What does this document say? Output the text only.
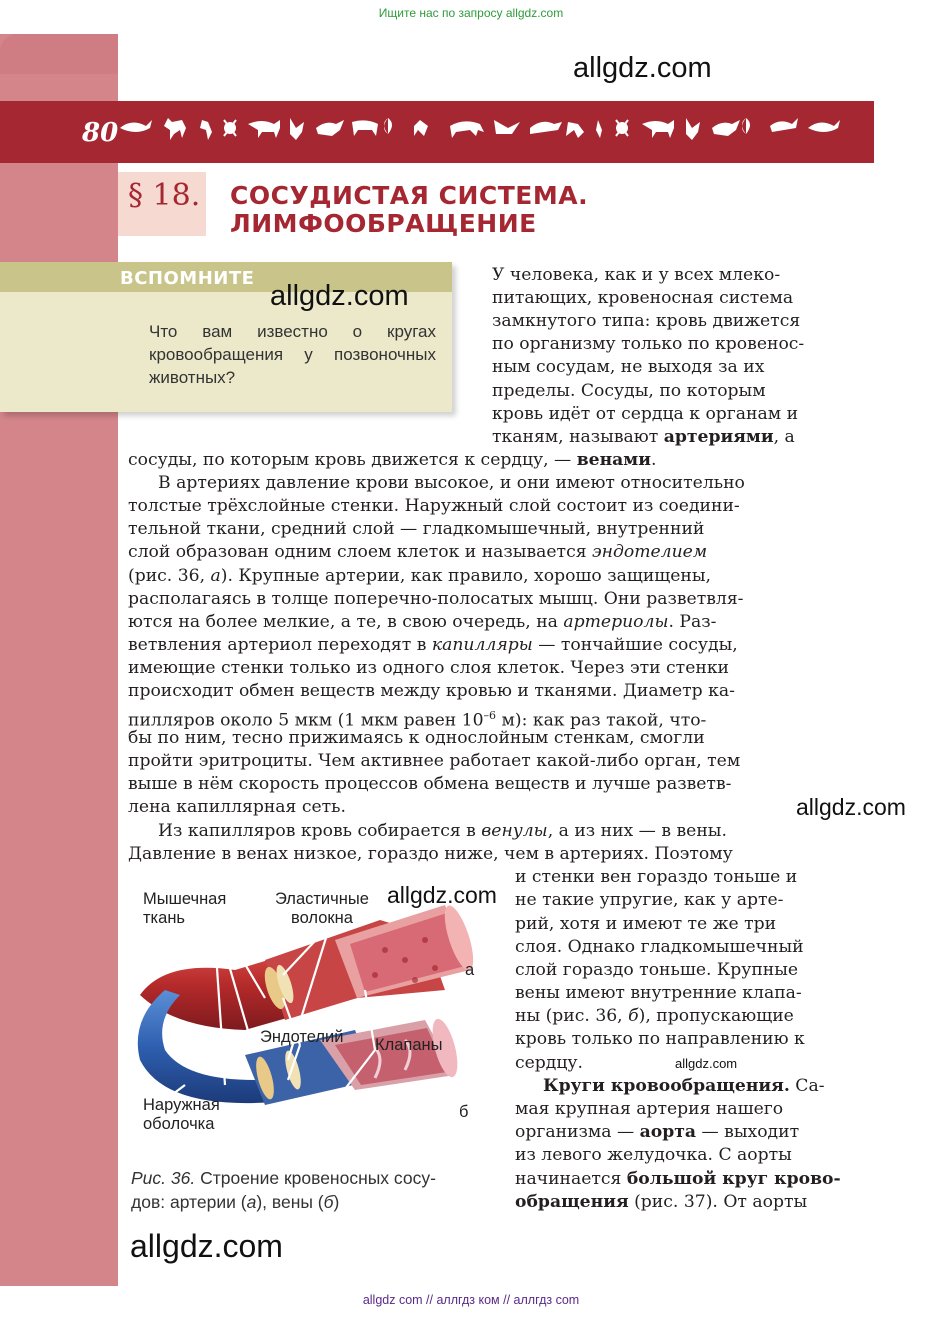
Ищите нас по запросу allgdz.com
80
§ 18. СОСУДИСТАЯ СИСТЕМА.
ЛИМФООБРАЩЕНИЕ
allgdz.com
ВСПОМНИТЕ
allgdz.com
Что вам известно о кругах кровообращения у позвоночных животных?
У человека, как и у всех млеко-
питающих, кровеносная система
замкнутого типа: кровь движется
по организму только по кровенос-
ным сосудам, не выходя за их
пределы. Сосуды, по которым
кровь идёт от сердца к органам и
тканям, называют артериями, а
сосуды, по которым кровь движется к сердцу, — венами.
В артериях давление крови высокое, и они имеют относительно
толстые трёхслойные стенки. Наружный слой состоит из соедини-
тельной ткани, средний слой — гладкомышечный, внутренний
слой образован одним слоем клеток и называется эндотелием
(рис. 36, а). Крупные артерии, как правило, хорошо защищены,
располагаясь в толще поперечно-полосатых мышц. Они разветвля-
ются на более мелкие, а те, в свою очередь, на артериолы. Раз-
ветвления артериол переходят в капилляры — тончайшие сосуды,
имеющие стенки только из одного слоя клеток. Через эти стенки
происходит обмен веществ между кровью и тканями. Диаметр ка-
пилляров около 5 мкм (1 мкм равен $10^{-6}$ м): как раз такой, что-
бы по ним, тесно прижимаясь к однослойным стенкам, смогли
пройти эритроциты. Чем активнее работает какой-либо орган, тем
выше в нём скорость процессов обмена веществ и лучше разветв-
лена капиллярная сеть.
Из капилляров кровь собирается в венулы, а из них — в вены.
Давление в венах низкое, гораздо ниже, чем в артериях. Поэтому
и стенки вен гораздо тоньше и
не такие упругие, как у арте-
рий, хотя и имеют те же три
слоя. Однако гладкомышечный
слой гораздо тоньше. Крупные
вены имеют внутренние клапа-
ны (рис. 36, б), пропускающие
кровь только по направлению к
сердцу.
Круги кровообращения. Са-
мая крупная артерия нашего
организма — аорта — выходит
из левого желудочка. С аорты
начинается большой круг крово-
обращения (рис. 37). От аорты
allgdz.com
allgdz.com
allgdz.com
Мышечная
ткань
Эластичные
волокна
Эндотелий Клапаны
Наружная
оболочка
а
б
Рис. 36. Строение кровеносных сосу-
дов: артерии (а), вены (б)
allgdz.com
allgdz com // аллгдз ком // аллгдз com
